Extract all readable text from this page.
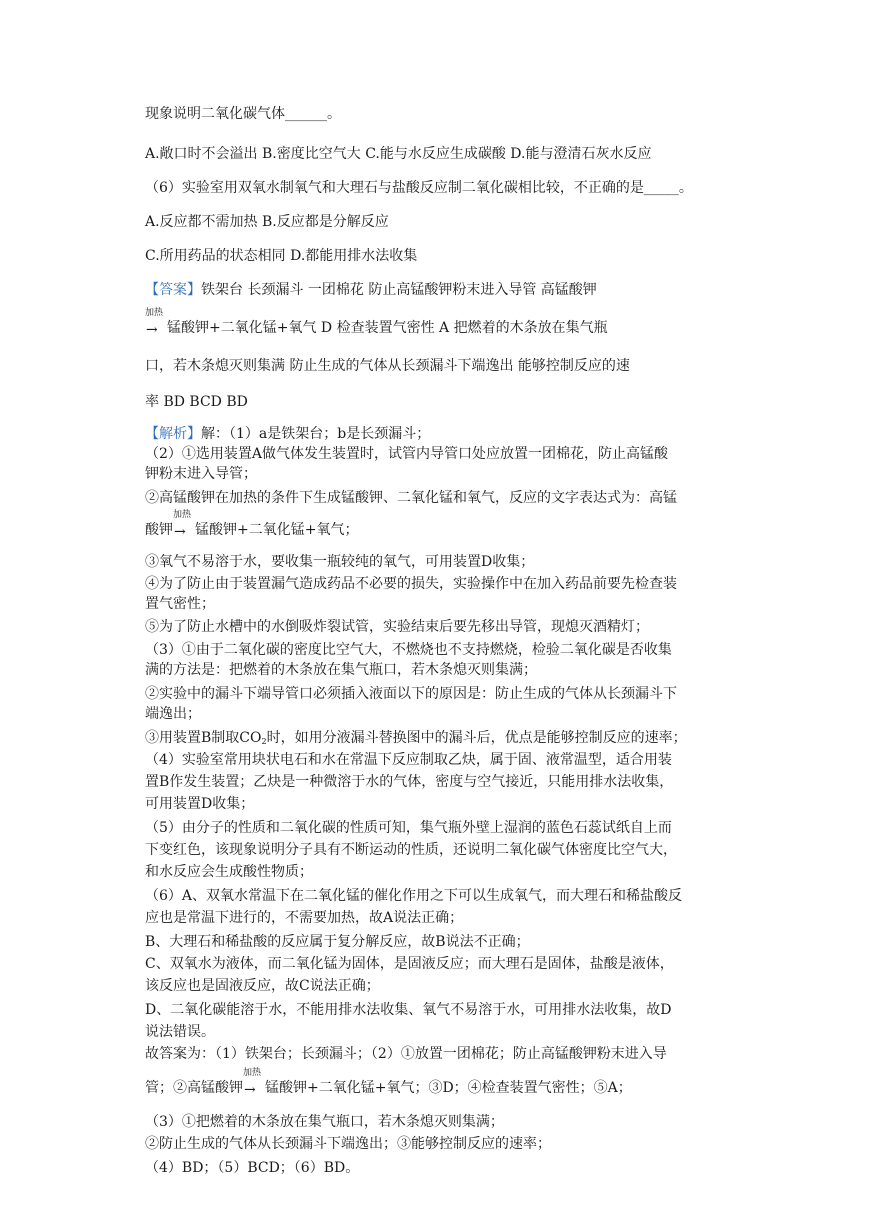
现象说明二氧化碳气体______。
A.敞口时不会溢出 B.密度比空气大 C.能与水反应生成碳酸 D.能与澄清石灰水反应
（6）实验室用双氧水制氧气和大理石与盐酸反应制二氧化碳相比较，不正确的是_____。
A.反应都不需加热 B.反应都是分解反应
C.所用药品的状态相同 D.都能用排水法收集
【答案】铁架台 长颈漏斗 一团棉花 防止高锰酸钾粉末进入导管 高锰酸钾
加热
→ 锰酸钾+二氧化锰+氧气 D 检查装置气密性 A 把燃着的木条放在集气瓶
口，若木条熄灭则集满 防止生成的气体从长颈漏斗下端逸出 能够控制反应的速
率 BD BCD BD
【解析】解：（1）a是铁架台；b是长颈漏斗；
（2）①选用装置A做气体发生装置时，试管内导管口处应放置一团棉花，防止高锰酸
钾粉末进入导管；
②高锰酸钾在加热的条件下生成锰酸钾、二氧化锰和氧气，反应的文字表达式为：高锰
酸钾
加热
→ 锰酸钾+二氧化锰+氧气；
③氧气不易溶于水，要收集一瓶较纯的氧气，可用装置D收集；
④为了防止由于装置漏气造成药品不必要的损失，实验操作中在加入药品前要先检查装
置气密性；
⑤为了防止水槽中的水倒吸炸裂试管，实验结束后要先移出导管，现熄灭酒精灯；
（3）①由于二氧化碳的密度比空气大，不燃烧也不支持燃烧，检验二氧化碳是否收集
满的方法是：把燃着的木条放在集气瓶口，若木条熄灭则集满；
②实验中的漏斗下端导管口必须插入液面以下的原因是：防止生成的气体从长颈漏斗下
端逸出；
③用装置B制取$CO_2$时，如用分液漏斗替换图中的漏斗后，优点是能够控制反应的速率；
（4）实验室常用块状电石和水在常温下反应制取乙炔，属于固、液常温型，适合用装
置B作发生装置；乙炔是一种微溶于水的气体，密度与空气接近，只能用排水法收集，
可用装置D收集；
（5）由分子的性质和二氧化碳的性质可知，集气瓶外壁上湿润的蓝色石蕊试纸自上而
下变红色，该现象说明分子具有不断运动的性质，还说明二氧化碳气体密度比空气大，
和水反应会生成酸性物质；
（6）A、双氧水常温下在二氧化锰的催化作用之下可以生成氧气，而大理石和稀盐酸反
应也是常温下进行的，不需要加热，故A说法正确；
B、大理石和稀盐酸的反应属于复分解反应，故B说法不正确；
C、双氧水为液体，而二氧化锰为固体，是固液反应；而大理石是固体，盐酸是液体，
该反应也是固液反应，故C说法正确；
D、二氧化碳能溶于水，不能用排水法收集、氧气不易溶于水，可用排水法收集，故D
说法错误。
故答案为：（1）铁架台；长颈漏斗；（2）①放置一团棉花；防止高锰酸钾粉末进入导
管；②高锰酸钾
加热
→ 锰酸钾+二氧化锰+氧气；③D；④检查装置气密性；⑤A；
（3）①把燃着的木条放在集气瓶口，若木条熄灭则集满；
②防止生成的气体从长颈漏斗下端逸出；③能够控制反应的速率；
（4）BD；（5）BCD；（6）BD。
